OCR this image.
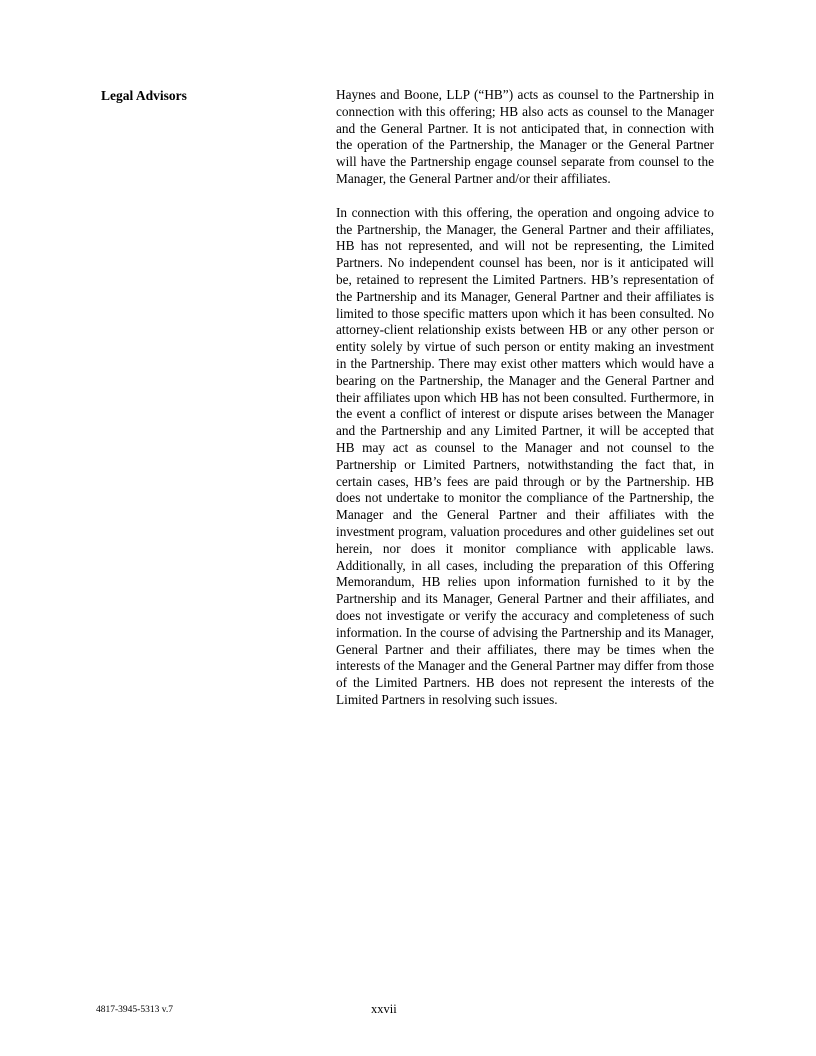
Legal Advisors	Haynes and Boone, LLP (“HB”) acts as counsel to the Partnership in connection with this offering; HB also acts as counsel to the Manager and the General Partner. It is not anticipated that, in connection with the operation of the Partnership, the Manager or the General Partner will have the Partnership engage counsel separate from counsel to the Manager, the General Partner and/or their affiliates.

In connection with this offering, the operation and ongoing advice to the Partnership, the Manager, the General Partner and their affiliates, HB has not represented, and will not be representing, the Limited Partners. No independent counsel has been, nor is it anticipated will be, retained to represent the Limited Partners. HB’s representation of the Partnership and its Manager, General Partner and their affiliates is limited to those specific matters upon which it has been consulted. No attorney-client relationship exists between HB or any other person or entity solely by virtue of such person or entity making an investment in the Partnership. There may exist other matters which would have a bearing on the Partnership, the Manager and the General Partner and their affiliates upon which HB has not been consulted. Furthermore, in the event a conflict of interest or dispute arises between the Manager and the Partnership and any Limited Partner, it will be accepted that HB may act as counsel to the Manager and not counsel to the Partnership or Limited Partners, notwithstanding the fact that, in certain cases, HB’s fees are paid through or by the Partnership. HB does not undertake to monitor the compliance of the Partnership, the Manager and the General Partner and their affiliates with the investment program, valuation procedures and other guidelines set out herein, nor does it monitor compliance with applicable laws. Additionally, in all cases, including the preparation of this Offering Memorandum, HB relies upon information furnished to it by the Partnership and its Manager, General Partner and their affiliates, and does not investigate or verify the accuracy and completeness of such information. In the course of advising the Partnership and its Manager, General Partner and their affiliates, there may be times when the interests of the Manager and the General Partner may differ from those of the Limited Partners. HB does not represent the interests of the Limited Partners in resolving such issues.

4817-3945-5313 v.7	xxvii
